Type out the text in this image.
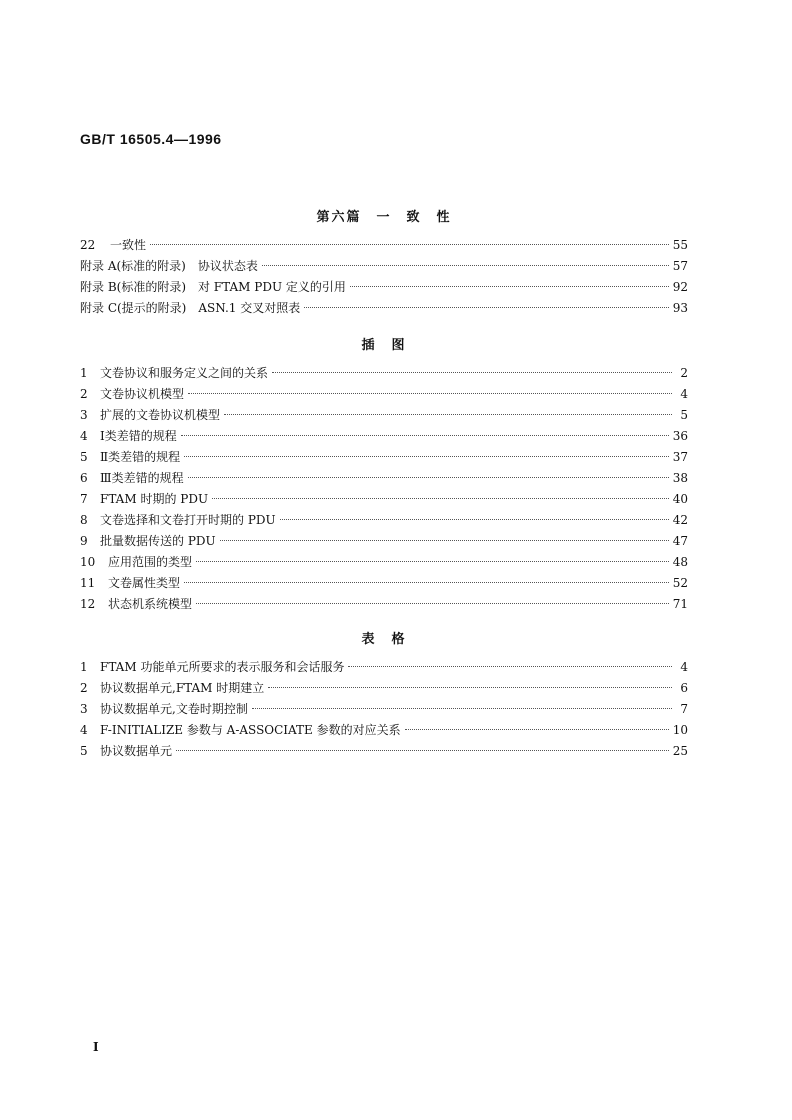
GB/T 16505.4—1996
第六篇　一　致　性
22	一致性	55
附录 A(标准的附录)　协议状态表	57
附录 B(标准的附录)　对 FTAM PDU 定义的引用	92
附录 C(提示的附录)　ASN.1 交叉对照表	93
插　图
1	文卷协议和服务定义之间的关系	2
2	文卷协议机模型	4
3	扩展的文卷协议机模型	5
4	Ⅰ类差错的规程	36
5	Ⅱ类差错的规程	37
6	Ⅲ类差错的规程	38
7	FTAM 时期的 PDU	40
8	文卷选择和文卷打开时期的 PDU	42
9	批量数据传送的 PDU	47
10	应用范围的类型	48
11	文卷属性类型	52
12	状态机系统模型	71
表　格
1	FTAM 功能单元所要求的表示服务和会话服务	4
2	协议数据单元,FTAM 时期建立	6
3	协议数据单元,文卷时期控制	7
4	F-INITIALIZE 参数与 A-ASSOCIATE 参数的对应关系	10
5	协议数据单元	25
I
